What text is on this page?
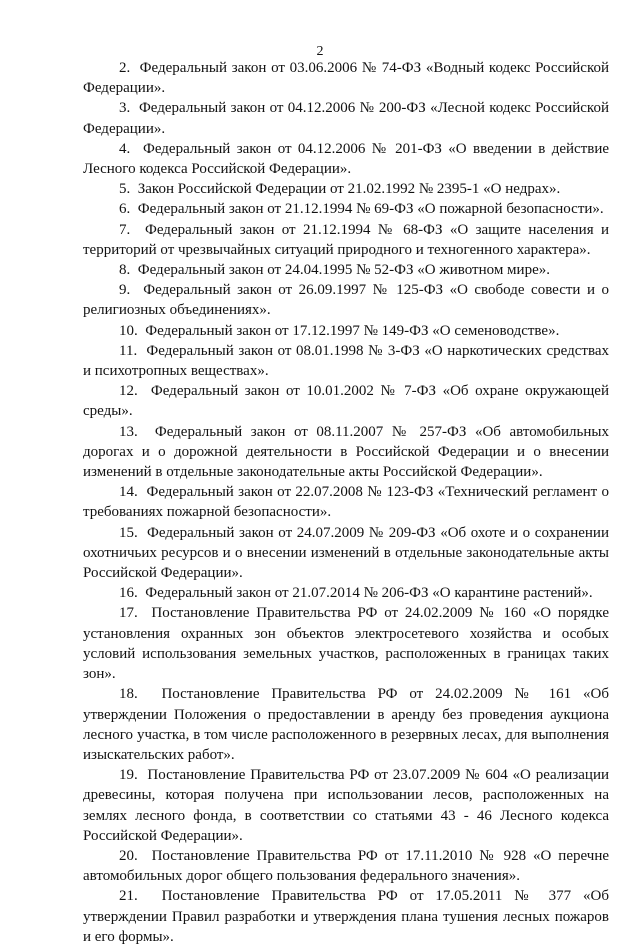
2

2. Федеральный закон от 03.06.2006 № 74-ФЗ «Водный кодекс Российской Федерации».

3. Федеральный закон от 04.12.2006 № 200-ФЗ «Лесной кодекс Российской Федерации».

4. Федеральный закон от 04.12.2006 № 201-ФЗ «О введении в действие Лесного кодекса Российской Федерации».

5. Закон Российской Федерации от 21.02.1992 № 2395-1 «О недрах».

6. Федеральный закон от 21.12.1994 № 69-ФЗ «О пожарной безопасности».

7. Федеральный закон от 21.12.1994 № 68-ФЗ «О защите населения и территорий от чрезвычайных ситуаций природного и техногенного характера».

8. Федеральный закон от 24.04.1995 № 52-ФЗ «О животном мире».

9. Федеральный закон от 26.09.1997 № 125-ФЗ «О свободе совести и о религиозных объединениях».

10. Федеральный закон от 17.12.1997 № 149-ФЗ «О семеноводстве».

11. Федеральный закон от 08.01.1998 № 3-ФЗ «О наркотических средствах и психотропных веществах».

12. Федеральный закон от 10.01.2002 № 7-ФЗ «Об охране окружающей среды».

13. Федеральный закон от 08.11.2007 № 257-ФЗ «Об автомобильных дорогах и о дорожной деятельности в Российской Федерации и о внесении изменений в отдельные законодательные акты Российской Федерации».

14. Федеральный закон от 22.07.2008 № 123-ФЗ «Технический регламент о требованиях пожарной безопасности».

15. Федеральный закон от 24.07.2009 № 209-ФЗ «Об охоте и о сохранении охотничьих ресурсов и о внесении изменений в отдельные законодательные акты Российской Федерации».

16. Федеральный закон от 21.07.2014 № 206-ФЗ «О карантине растений».

17. Постановление Правительства РФ от 24.02.2009 № 160 «О порядке установления охранных зон объектов электросетевого хозяйства и особых условий использования земельных участков, расположенных в границах таких зон».

18. Постановление Правительства РФ от 24.02.2009 № 161 «Об утверждении Положения о предоставлении в аренду без проведения аукциона лесного участка, в том числе расположенного в резервных лесах, для выполнения изыскательских работ».

19. Постановление Правительства РФ от 23.07.2009 № 604 «О реализации древесины, которая получена при использовании лесов, расположенных на землях лесного фонда, в соответствии со статьями 43 - 46 Лесного кодекса Российской Федерации».

20. Постановление Правительства РФ от 17.11.2010 № 928 «О перечне автомобильных дорог общего пользования федерального значения».

21. Постановление Правительства РФ от 17.05.2011 № 377 «Об утверждении Правил разработки и утверждения плана тушения лесных пожаров и его формы».
